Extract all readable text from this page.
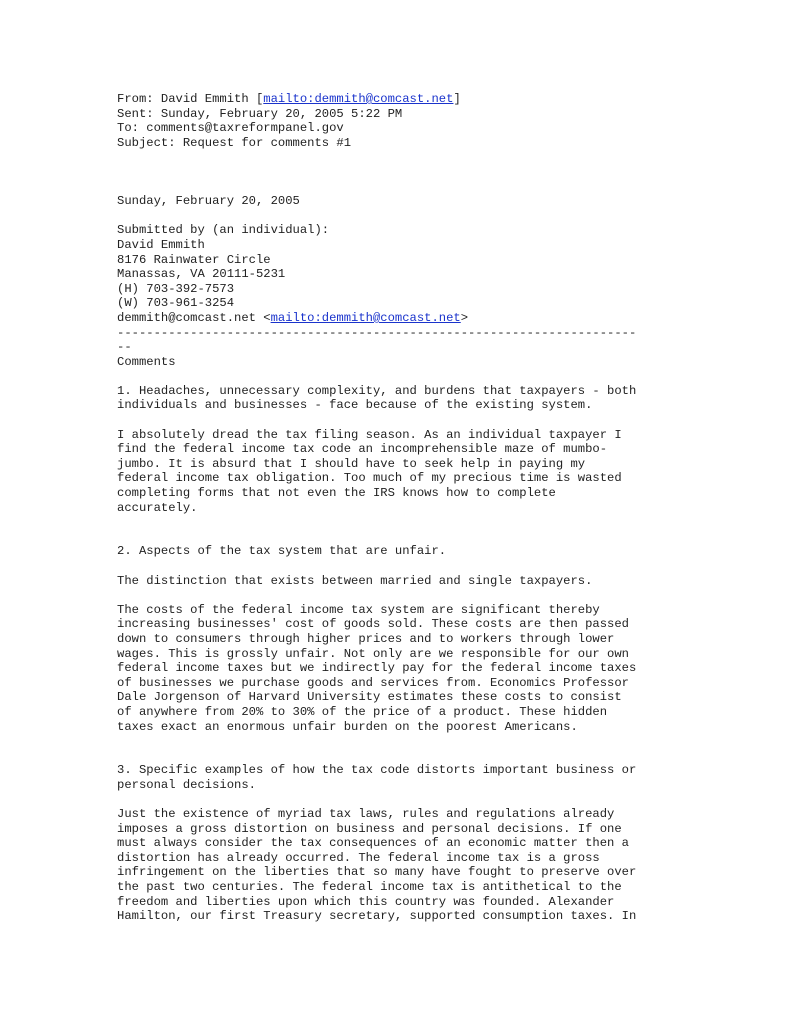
From: David Emmith [mailto:demmith@comcast.net]
Sent: Sunday, February 20, 2005 5:22 PM
To: comments@taxreformpanel.gov
Subject: Request for comments #1
Sunday, February 20, 2005
Submitted by (an individual):
David Emmith
8176 Rainwater Circle
Manassas, VA 20111-5231
(H) 703-392-7573
(W) 703-961-3254
demmith@comcast.net <mailto:demmith@comcast.net>
-----------------------------------------------------------------------
--
Comments
1. Headaches, unnecessary complexity, and burdens that taxpayers - both
individuals and businesses - face because of the existing system.
I absolutely dread the tax filing season. As an individual taxpayer I
find the federal income tax code an incomprehensible maze of mumbo-
jumbo. It is absurd that I should have to seek help in paying my
federal income tax obligation. Too much of my precious time is wasted
completing forms that not even the IRS knows how to complete
accurately.
2. Aspects of the tax system that are unfair.
The distinction that exists between married and single taxpayers.
The costs of the federal income tax system are significant thereby
increasing businesses' cost of goods sold. These costs are then passed
down to consumers through higher prices and to workers through lower
wages. This is grossly unfair. Not only are we responsible for our own
federal income taxes but we indirectly pay for the federal income taxes
of businesses we purchase goods and services from. Economics Professor
Dale Jorgenson of Harvard University estimates these costs to consist
of anywhere from 20% to 30% of the price of a product. These hidden
taxes exact an enormous unfair burden on the poorest Americans.
3. Specific examples of how the tax code distorts important business or
personal decisions.
Just the existence of myriad tax laws, rules and regulations already
imposes a gross distortion on business and personal decisions. If one
must always consider the tax consequences of an economic matter then a
distortion has already occurred. The federal income tax is a gross
infringement on the liberties that so many have fought to preserve over
the past two centuries. The federal income tax is antithetical to the
freedom and liberties upon which this country was founded. Alexander
Hamilton, our first Treasury secretary, supported consumption taxes. In
